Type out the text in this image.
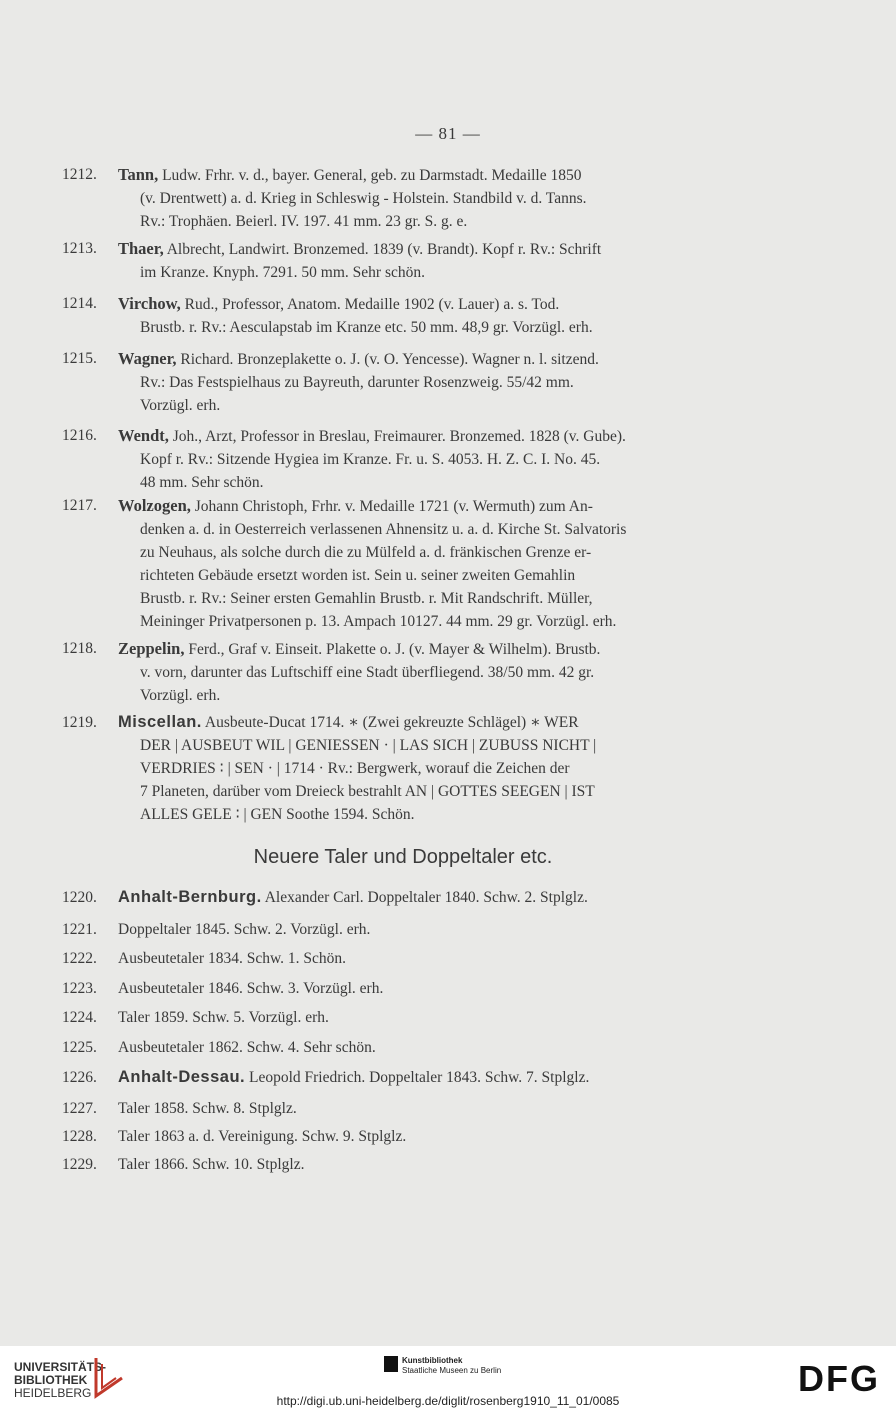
— 81 —
1212.	Tann, Ludw. Frhr. v. d., bayer. General, geb. zu Darmstadt. Medaille 1850
(v. Drentwett) a. d. Krieg in Schleswig - Holstein. Standbild v. d. Tanns.
Rv.: Trophäen. Beierl. IV. 197. 41 mm. 23 gr. S. g. e.
1213.	Thaer, Albrecht, Landwirt. Bronzemed. 1839 (v. Brandt). Kopf r. Rv.: Schrift
im Kranze. Knyph. 7291. 50 mm. Sehr schön.
1214.	Virchow, Rud., Professor, Anatom. Medaille 1902 (v. Lauer) a. s. Tod.
Brustb. r. Rv.: Aesculapstab im Kranze etc. 50 mm. 48,9 gr. Vorzügl. erh.
1215.	Wagner, Richard. Bronzeplakette o. J. (v. O. Yencesse). Wagner n. l. sitzend.
Rv.: Das Festspielhaus zu Bayreuth, darunter Rosenzweig. 55/42 mm.
Vorzügl. erh.
1216.	Wendt, Joh., Arzt, Professor in Breslau, Freimaurer. Bronzemed. 1828 (v. Gube).
Kopf r. Rv.: Sitzende Hygiea im Kranze. Fr. u. S. 4053. H. Z. C. I. No. 45.
48 mm. Sehr schön.
1217.	Wolzogen, Johann Christoph, Frhr. v. Medaille 1721 (v. Wermuth) zum An-
denken a. d. in Oesterreich verlassenen Ahnensitz u. a. d. Kirche St. Salvatoris
zu Neuhaus, als solche durch die zu Mülfeld a. d. fränkischen Grenze er-
richteten Gebäude ersetzt worden ist. Sein u. seiner zweiten Gemahlin
Brustb. r. Rv.: Seiner ersten Gemahlin Brustb. r. Mit Randschrift. Müller,
Meininger Privatpersonen p. 13. Ampach 10127. 44 mm. 29 gr. Vorzügl. erh.
1218.	Zeppelin, Ferd., Graf v. Einseit. Plakette o. J. (v. Mayer & Wilhelm). Brustb.
v. vorn, darunter das Luftschiff eine Stadt überfliegend. 38/50 mm. 42 gr.
Vorzügl. erh.
1219.	Miscellan. Ausbeute-Ducat 1714. ∗ (Zwei gekreuzte Schlägel) ∗ WER
DER | AUSBEUT WIL | GENIESSEN · | LAS SICH | ZUBUSS NICHT |
VERDRIES ∶ | SEN · | 1714 · Rv.: Bergwerk, worauf die Zeichen der
7 Planeten, darüber vom Dreieck bestrahlt AN | GOTTES SEEGEN | IST
ALLES GELE ∶ | GEN Soothe 1594. Schön.
Neuere Taler und Doppeltaler etc.
1220.	Anhalt-Bernburg. Alexander Carl. Doppeltaler 1840. Schw. 2. Stplglz.
1221.	Doppeltaler 1845. Schw. 2. Vorzügl. erh.
1222.	Ausbeutetaler 1834. Schw. 1. Schön.
1223.	Ausbeutetaler 1846. Schw. 3. Vorzügl. erh.
1224.	Taler 1859. Schw. 5. Vorzügl. erh.
1225.	Ausbeutetaler 1862. Schw. 4. Sehr schön.
1226.	Anhalt-Dessau. Leopold Friedrich. Doppeltaler 1843. Schw. 7. Stplglz.
1227.	Taler 1858. Schw. 8. Stplglz.
1228.	Taler 1863 a. d. Vereinigung. Schw. 9. Stplglz.
1229.	Taler 1866. Schw. 10. Stplglz.
UNIVERSITÄTS-
BIBLIOTHEK
HEIDELBERG
Kunstbibliothek
Staatliche Museen zu Berlin	DFG
http://digi.ub.uni-heidelberg.de/diglit/rosenberg1910_11_01/0085
